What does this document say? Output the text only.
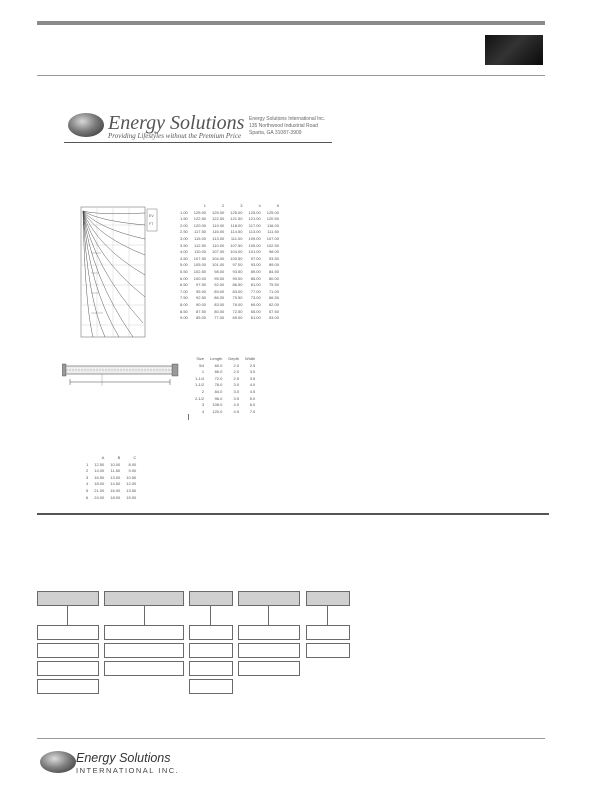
Energy Solutions
Providing Lifestyles without the Premium Price
Energy Solutions International Inc.
135 Northwood Industrial Road
Sparta, GA 31087-3909
EV
FT
	1	2	3	4	5
1.00	125.00	125.00	125.00	125.00	125.00
1.50	122.50	122.00	121.50	121.00	120.50
2.00	120.00	119.00	118.00	117.00	116.00
2.50	117.50	116.00	114.50	113.00	111.50
3.00	115.00	113.00	111.00	109.00	107.00
3.50	112.50	110.00	107.50	105.00	102.50
4.00	110.00	107.00	104.00	101.00	98.00
4.50	107.50	104.00	100.50	97.00	93.50
5.00	105.00	101.00	97.00	93.00	89.00
5.50	102.50	98.00	93.50	89.00	84.50
6.00	100.00	95.00	90.00	85.00	80.00
6.50	97.50	92.00	86.50	81.00	75.50
7.00	95.00	89.00	83.00	77.00	71.00
7.50	92.50	86.00	79.50	73.00	66.50
8.00	90.00	83.00	76.00	69.00	62.00
8.50	87.50	80.00	72.50	65.00	57.50
9.00	85.00	77.00	69.00	61.00	53.00
Size	Length	Depth	Width
3/4	60.0	2.0	2.5
1	66.0	2.0	3.0
1-1/4	72.0	2.5	3.5
1-1/2	78.0	3.0	4.0
2	84.0	3.0	4.5
2-1/2	96.0	3.5	5.0
3	108.0	4.0	6.0
4	120.0	4.5	7.0
	A	B	C
1	12.50	10.00	8.00
2	14.00	11.50	9.00
3	16.50	13.00	10.50
4	18.00	14.50	12.00
5	21.00	16.00	13.50
6	24.00	18.00	15.00
Energy Solutions
INTERNATIONAL INC.
